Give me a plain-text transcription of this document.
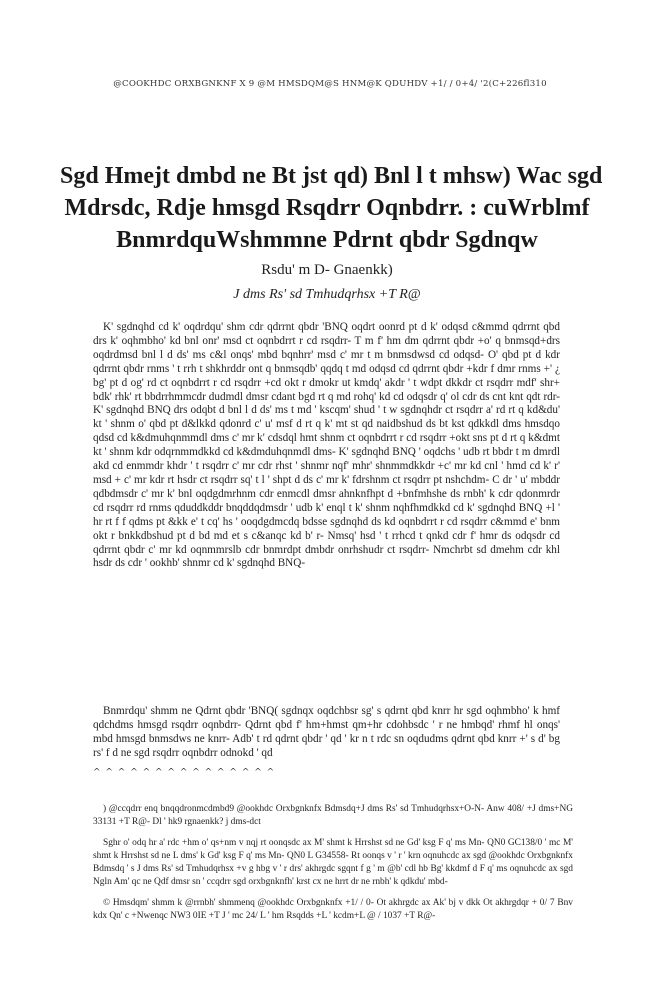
@COOKHDC ORXBGNKNF X 9 @M HMSDQM@S HNM@K QDUHDV +1/ / 0+4/ '2(C+226fl310
Sgd Hmejt dmbd ne Bt jst qd) Bnl l t mhsw) Wac sgd
Mdrsdc, Rdje hmsgd Rsqdrr Oqnbdrr. : cuWrblmf
BnmrdquWshmmne Pdrnt qbdr Sgdnqw
Rsdu' m D- Gnaenkk)
J dms Rs' sd Tmhudqrhsx +T R@

K' sgdnqhd cd k' oqdrdqu' shm cdr qdrrnt qbdr 'BNQ oqdrt oonrd pt d k' odqsd c&mmd qdrrnt qbd drs k' oqhmbho' kd bnl onr' msd ct oqnbdrrt r cd rsqdrr- T m f' hm dm qdrrnt qbdr +o' q bnmsqd+drs oqdrdmsd bnl l d ds' ms c&l onqs' mbd bqnhrr' msd c' mr t m bnmsdwsd cd odqsd- O' qbd pt d kdr qdrrnt qbdr rnms ' t rrh t shkhrddr ont q bnmsqdb' qqdq t md odqsd cd qdrrnt qbdr +kdr f dmr rnms +' ¿ bg' pt d og' rd ct oqnbdrrt r cd rsqdrr +cd okt r dmokr ut kmdq' akdr ' t wdpt dkkdr ct rsqdrr mdf' shr+ bdk' rhk' rt bbdrrhmmcdr dudmdl dmsr cdant bgd rt q md rohq' kd cd odqsdr q' ol cdr ds cnt knt qdt rdr- K' sgdnqhd BNQ drs odqbt d bnl l d ds' ms t md ' kscqm' shud ' t w sgdnqhdr ct rsqdrr a' rd rt q kd&du' kt ' shnm o' qbd pt d&lkkd qdonrd c' u' msf d rt q k' mt st qd naidbshud ds bt kst qdkkdl dms hmsdqo qdsd cd k&dmuhqnmmdl dms c' mr k' cdsdql hmt shnm ct oqnbdrrt r cd rsqdrr +okt sns pt d rt q k&dmt kt ' shnm kdr odqrnmmdkkd cd k&dmduhqnmdl dms- K' sgdnqhd BNQ ' oqdchs ' udb rt bbdr t m dmrdl akd cd enmmdr khdr ' t rsqdrr c' mr cdr rhst ' shnmr nqf' mhr' shnmmdkkdr +c' mr kd cnl ' hmd cd k' r' msd + c' mr kdr rt hsdr ct rsqdrr sq' t l ' shpt d ds c' mr k' fdrshnm ct rsqdrr pt nshchdm- C dr ' u' mbddr qdbdmsdr c' mr k' bnl oqdgdmrhnm cdr enmcdl dmsr ahnknfhpt d +bnfmhshe ds rnbh' k cdr qdonmrdr cd rsqdrr rd rnms qduddkddr bnqddqdmsdr ' udb k' enql t k' shnm nqhfhmdkkd cd k' sgdnqhd BNQ +l ' hr rt f f qdms pt &kk e' t cq' hs ' ooqdgdmcdq bdsse sgdnqhd ds kd oqnbdrrt r cd rsqdrr c&mmd e' bnm okt r bnkkdbshud pt d bd md et s c&anqc kd b' r- Nmsq' hsd ' t rrhcd t qnkd cdr f' hmr ds odqsdr cd qdrrnt qbdr c' mr kd oqnmmrslb cdr bnmrdpt dmbdr onrhshudr ct rsqdrr- Nmchrbt sd dmehm cdr khl hsdr ds cdr ' ookhb' shnmr cd k' sgdnqhd BNQ-

Bnmrdqu' shmm ne Qdrnt qbdr 'BNQ( sgdnqx oqdchbsr sg' s qdrnt qbd knrr hr sgd oqhmbho' k hmf qdchdms hmsgd rsqdrr oqnbdrr- Qdrnt qbd f' hm+hmst qm+hr cdohbsdc ' r ne hmbqd' rhmf hl onqs' mbd hmsgd bnmsdws ne knrr- Adb' t rd qdrnt qbdr ' qd ' kr n t rdc sn oqdudms qdrnt qbd knrr +' s d' bg rs' f d ne sgd rsqdrr oqnbdrr odnokd ' qd

^ ^ ^ ^ ^ ^ ^ ^ ^ ^ ^ ^ ^ ^ ^

) @ccqdrr enq bnqqdronmcdmbd9 @ookhdc Orxbgnknfx Bdmsdq+J dms Rs' sd Tmhudqrhsx+O-N- Anw 408/ +J dms+NG 33131 +T R@- Dl ' hk9 rgnaenkk? j dms-dct

Sghr o' odq hr a' rdc +hm o' qs+nm v nqj rt oonqsdc ax M' shmt k Hrrshst sd ne Gd' ksg F q' ms Mn- QN0 GC138/0 ' mc M' shmt k Hrrshst sd ne L dms' k Gd' ksg F q' ms Mn- QN0 L G34558- Rt oonqs v ' r ' krn oqnuhcdc ax sgd @ookhdc Orxbgnknfx Bdmsdq ' s J dms Rs' sd Tmhudqrhsx +v g hbg v ' r drs' akhrgdc sgqnt f g ' m @b' cdl hb Bg' kkdmf d F q' ms oqnuhcdc ax sgd Ngln Am' qc ne Qdf dmsr sn ' ccqdrr sgd orxbgnknfh' krst cx ne hrrt dr ne rnbh' k qdkdu' mbd-

© Hmsdqm' shmm k @rrnbh' shmmenq @ookhdc Orxbgnknfx +1/ / 0- Ot akhrgdc ax Ak' bj v dkk Ot akhrgdqr + 0/ 7 Bnv kdx Qn' c +Nwenqc NW3 0IE +T J ' mc 24/ L ' hm Rsqdds +L ' kcdm+L @ / 1037 +T R@-
